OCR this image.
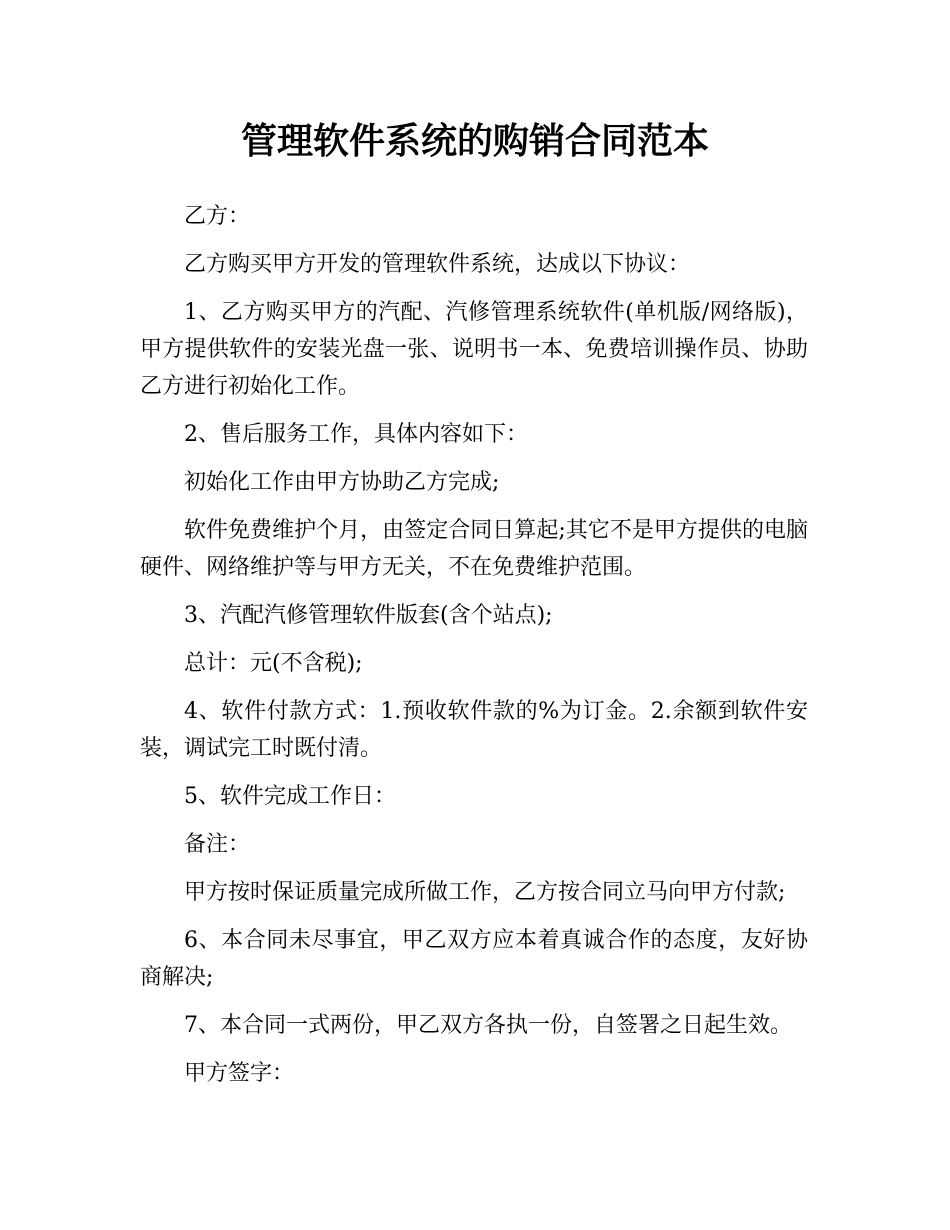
管理软件系统的购销合同范本

乙方：

乙方购买甲方开发的管理软件系统，达成以下协议：

1、乙方购买甲方的汽配、汽修管理系统软件(单机版/网络版)，甲方提供软件的安装光盘一张、说明书一本、免费培训操作员、协助乙方进行初始化工作。

2、售后服务工作，具体内容如下：

初始化工作由甲方协助乙方完成;

软件免费维护个月，由签定合同日算起;其它不是甲方提供的电脑硬件、网络维护等与甲方无关，不在免费维护范围。

3、汽配汽修管理软件版套(含个站点);

总计：元(不含税);

4、软件付款方式：1.预收软件款的%为订金。2.余额到软件安装，调试完工时既付清。

5、软件完成工作日：

备注：

甲方按时保证质量完成所做工作，乙方按合同立马向甲方付款;

6、本合同未尽事宜，甲乙双方应本着真诚合作的态度，友好协商解决;

7、本合同一式两份，甲乙双方各执一份，自签署之日起生效。

甲方签字：
